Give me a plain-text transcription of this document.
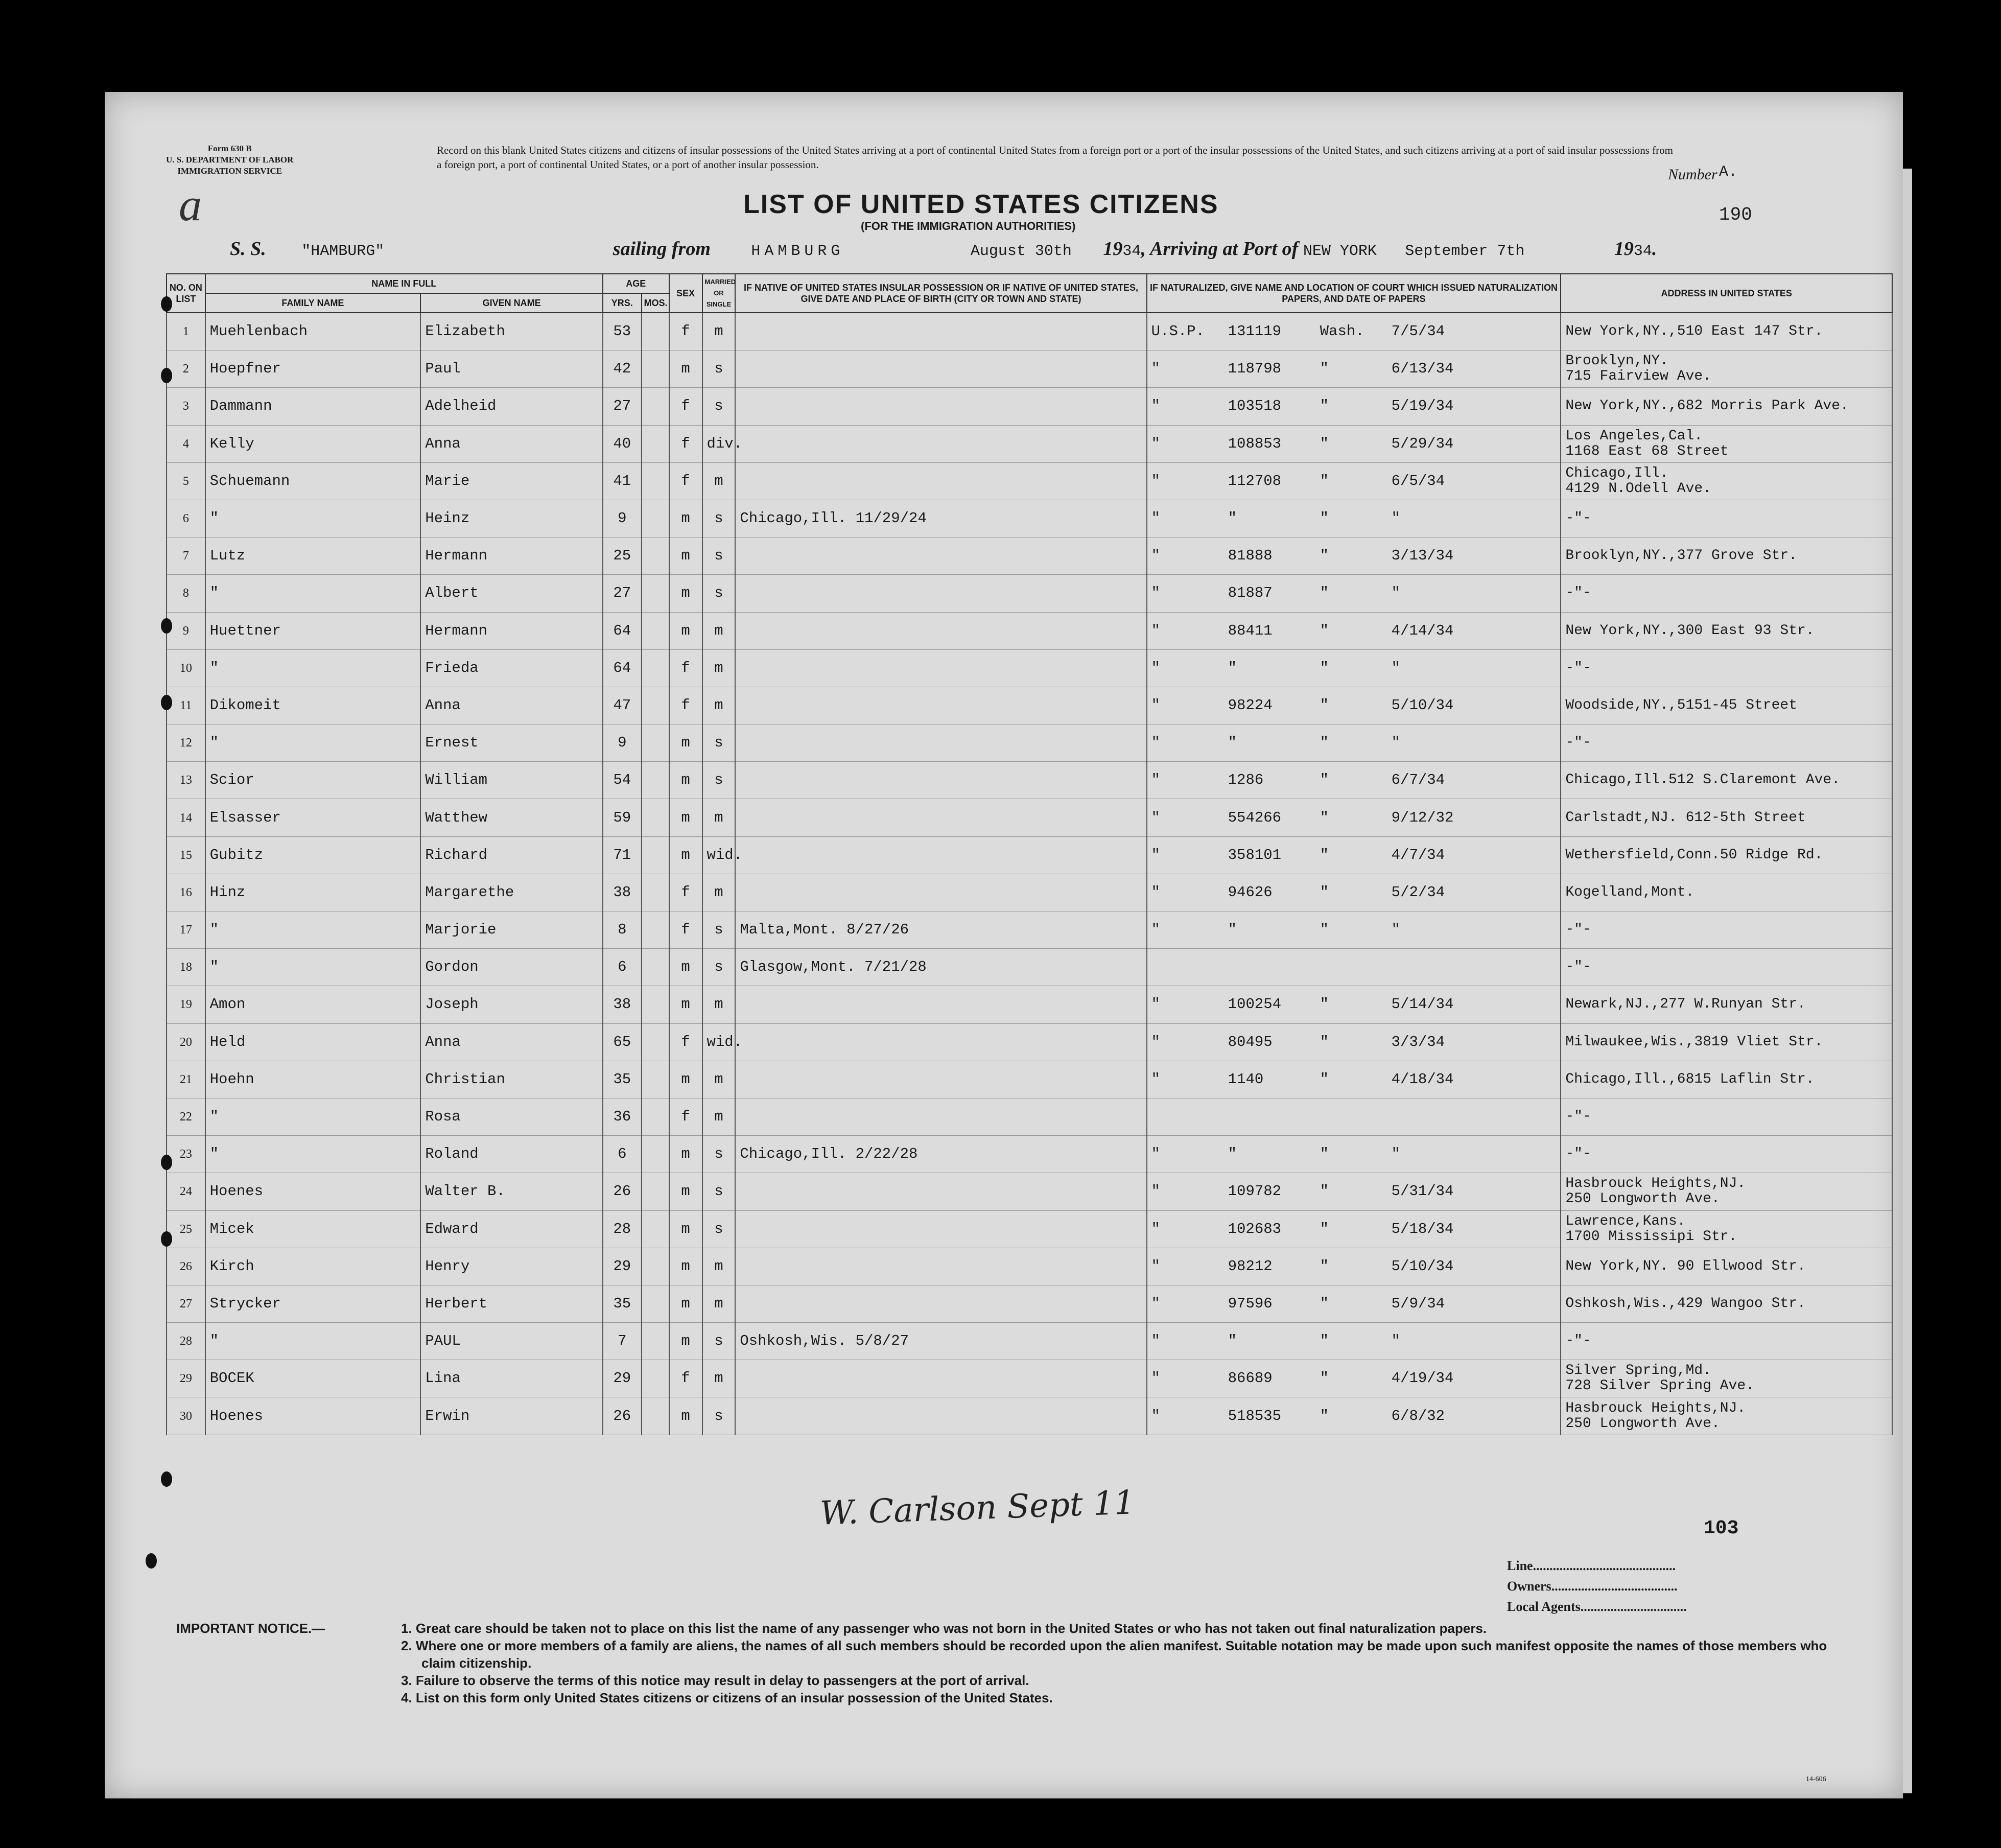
Form 630 B
U. S. DEPARTMENT OF LABOR
IMMIGRATION SERVICE
a
Record on this blank United States citizens and citizens of insular possessions of the United States arriving at a port of continental United States from a foreign port or a port of the insular possessions of the United States, and such citizens arriving at a port of said insular possessions from a foreign port, a port of continental United States, or a port of another insular possession.
Number A.
190
LIST OF UNITED STATES CITIZENS
(FOR THE IMMIGRATION AUTHORITIES)
S. S. "HAMBURG"	sailing from	HAMBURG	August 30th 1934, Arriving at Port of NEW YORK September 7th	1934.
NO. ON LIST	NAME IN FULL		AGE		SEX	MARRIED OR SINGLE	IF NATIVE OF UNITED STATES INSULAR POSSESSION OR IF NATIVE OF UNITED STATES, GIVE DATE AND PLACE OF BIRTH (CITY OR TOWN AND STATE)	IF NATURALIZED, GIVE NAME AND LOCATION OF COURT WHICH ISSUED NATURALIZATION PAPERS, AND DATE OF PAPERS	ADDRESS IN UNITED STATES
	FAMILY NAME	GIVEN NAME	YRS.	MOS.					
1	Muehlenbach	Elizabeth	53		f	m		U.S.P. 131119 Wash. 7/5/34	New York,NY.,510 East 147 Str.
2	Hoepfner	Paul	42		m	s		" 118798 " 6/13/34	Brooklyn,NY.
715 Fairview Ave.
3	Dammann	Adelheid	27		f	s		" 103518 " 5/19/34	New York,NY.,682 Morris Park Ave.
4	Kelly	Anna	40		f	div.		" 108853 " 5/29/34	Los Angeles,Cal.
1168 East 68 Street
5	Schuemann	Marie	41		f	m		" 112708 " 6/5/34	Chicago,Ill.
4129 N.Odell Ave.
6	"	Heinz	9		m	s	Chicago,Ill. 11/29/24	" " " "	-"-
7	Lutz	Hermann	25		m	s		" 81888 " 3/13/34	Brooklyn,NY.,377 Grove Str.
8	"	Albert	27		m	s		" 81887 " "	-"-
9	Huettner	Hermann	64		m	m		" 88411 " 4/14/34	New York,NY.,300 East 93 Str.
10	"	Frieda	64		f	m		" " " "	-"-
11	Dikomeit	Anna	47		f	m		" 98224 " 5/10/34	Woodside,NY.,5151-45 Street
12	"	Ernest	9		m	s		" " " "	-"-
13	Scior	William	54		m	s		" 1286 " 6/7/34	Chicago,Ill.512 S.Claremont Ave.
14	Elsasser	Watthew	59		m	m		" 554266 " 9/12/32	Carlstadt,NJ. 612-5th Street
15	Gubitz	Richard	71		m	wid.		" 358101 " 4/7/34	Wethersfield,Conn.50 Ridge Rd.
16	Hinz	Margarethe	38		f	m		" 94626 " 5/2/34	Kogelland,Mont.
17	"	Marjorie	8		f	s	Malta,Mont. 8/27/26	" " " "	-"-
18	"	Gordon	6		m	s	Glasgow,Mont. 7/21/28		-"-
19	Amon	Joseph	38		m	m		" 100254 " 5/14/34	Newark,NJ.,277 W.Runyan Str.
20	Held	Anna	65		f	wid.		" 80495 " 3/3/34	Milwaukee,Wis.,3819 Vliet Str.
21	Hoehn	Christian	35		m	m		" 1140 " 4/18/34	Chicago,Ill.,6815 Laflin Str.
22	"	Rosa	36		f	m			-"-
23	"	Roland	6		m	s	Chicago,Ill. 2/22/28	" " " "	-"-
24	Hoenes	Walter B.	26		m	s		" 109782 " 5/31/34	Hasbrouck Heights,NJ.
250 Longworth Ave.
25	Micek	Edward	28		m	s		" 102683 " 5/18/34	Lawrence,Kans.
1700 Mississipi Str.
26	Kirch	Henry	29		m	m		" 98212 " 5/10/34	New York,NY. 90 Ellwood Str.
27	Strycker	Herbert	35		m	m		" 97596 " 5/9/34	Oshkosh,Wis.,429 Wangoo Str.
28	"	PAUL	7		m	s	Oshkosh,Wis. 5/8/27	" " " "	-"-
29	BOCEK	Lina	29		f	m		" 86689 " 4/19/34	Silver Spring,Md.
728 Silver Spring Ave.
30	Hoenes	Erwin	26		m	s		" 518535 " 6/8/32	Hasbrouck Heights,NJ.
250 Longworth Ave.
W. Carlson Sept 11	103
Line...........................................
Owners......................................
Local Agents................................
IMPORTANT NOTICE.—	1. Great care should be taken not to place on this list the name of any passenger who was not born in the United States or who has not taken out final naturalization papers.
2. Where one or more members of a family are aliens, the names of all such members should be recorded upon the alien manifest. Suitable notation may be made upon such manifest opposite the names of those members who claim citizenship.
3. Failure to observe the terms of this notice may result in delay to passengers at the port of arrival.
4. List on this form only United States citizens or citizens of an insular possession of the United States.
14-606
